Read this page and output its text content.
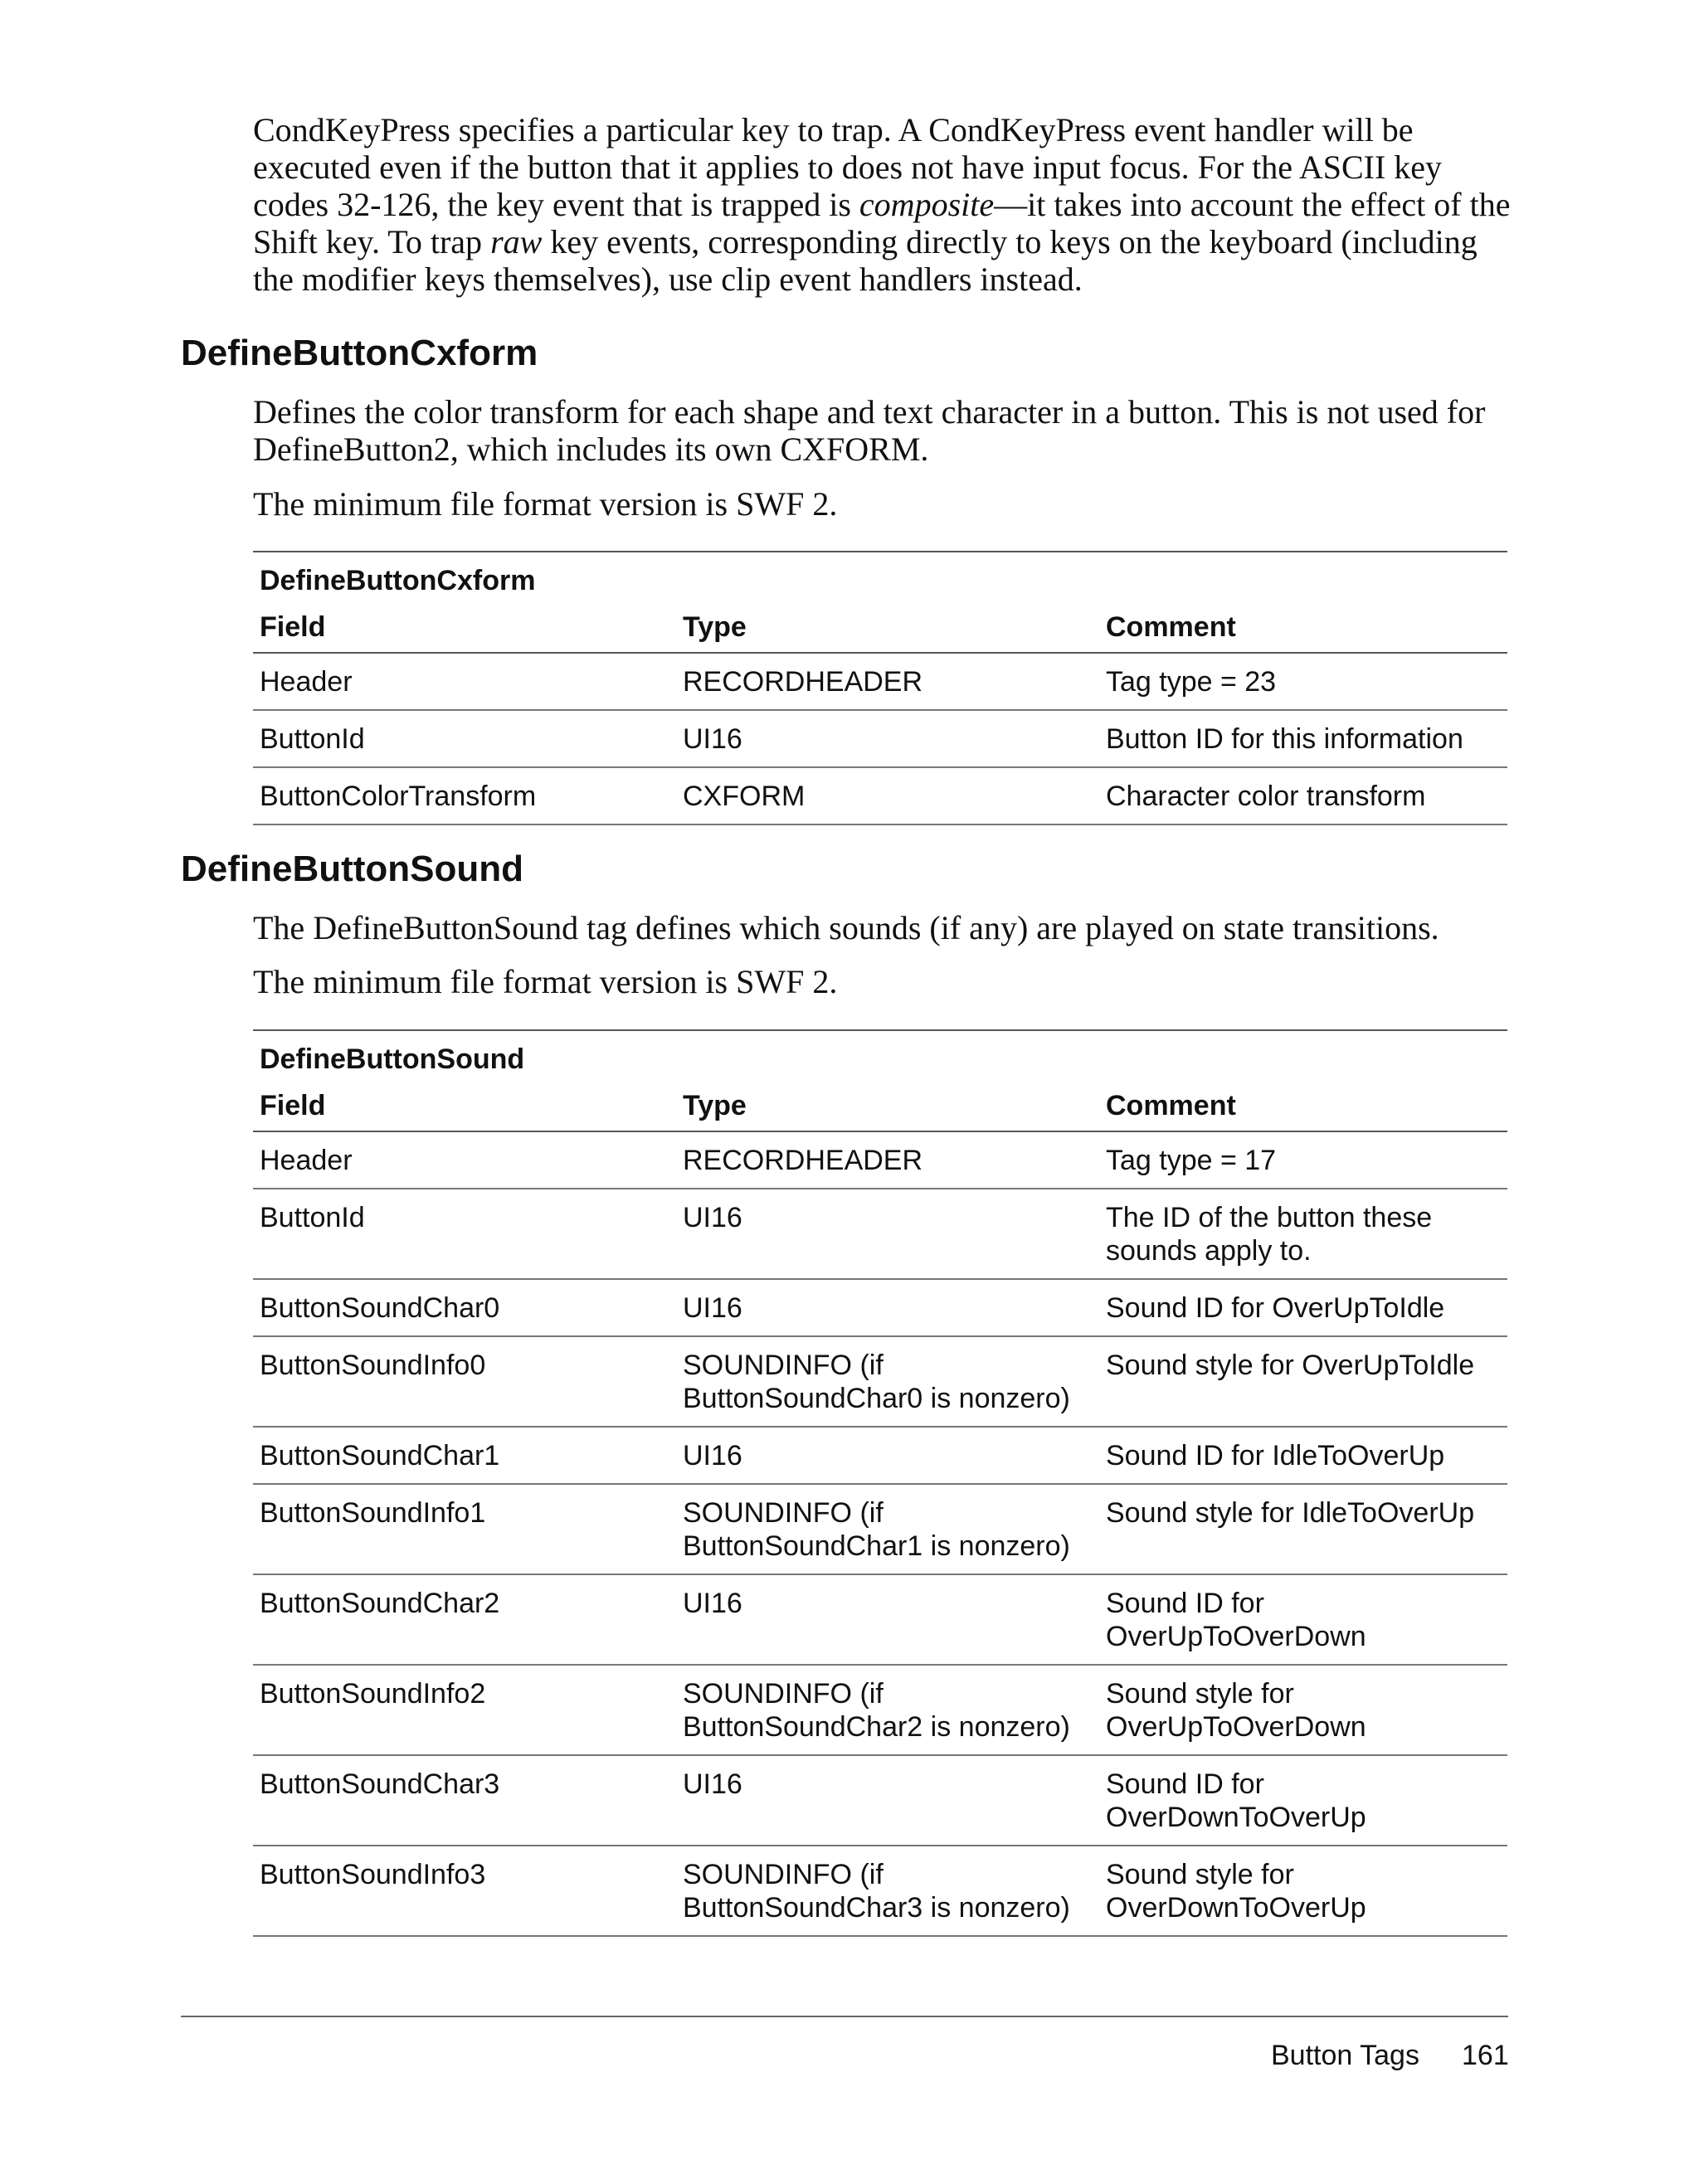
CondKeyPress specifies a particular key to trap. A CondKeyPress event handler will be executed even if the button that it applies to does not have input focus. For the ASCII key codes 32-126, the key event that is trapped is composite—it takes into account the effect of the Shift key. To trap raw key events, corresponding directly to keys on the keyboard (including the modifier keys themselves), use clip event handlers instead.

DefineButtonCxform

Defines the color transform for each shape and text character in a button. This is not used for DefineButton2, which includes its own CXFORM.

The minimum file format version is SWF 2.

DefineButtonCxform		
Field	Type	Comment
Header	RECORDHEADER	Tag type = 23
ButtonId	UI16	Button ID for this information
ButtonColorTransform	CXFORM	Character color transform
DefineButtonSound

The DefineButtonSound tag defines which sounds (if any) are played on state transitions.

The minimum file format version is SWF 2.

DefineButtonSound		
Field	Type	Comment
Header	RECORDHEADER	Tag type = 17
ButtonId	UI16	The ID of the button these sounds apply to.
ButtonSoundChar0	UI16	Sound ID for OverUpToIdle
ButtonSoundInfo0	SOUNDINFO (if ButtonSoundChar0 is nonzero)	Sound style for OverUpToIdle
ButtonSoundChar1	UI16	Sound ID for IdleToOverUp
ButtonSoundInfo1	SOUNDINFO (if ButtonSoundChar1 is nonzero)	Sound style for IdleToOverUp
ButtonSoundChar2	UI16	Sound ID for OverUpToOverDown
ButtonSoundInfo2	SOUNDINFO (if ButtonSoundChar2 is nonzero)	Sound style for OverUpToOverDown
ButtonSoundChar3	UI16	Sound ID for OverDownToOverUp
ButtonSoundInfo3	SOUNDINFO (if ButtonSoundChar3 is nonzero)	Sound style for OverDownToOverUp
Button Tags 161
